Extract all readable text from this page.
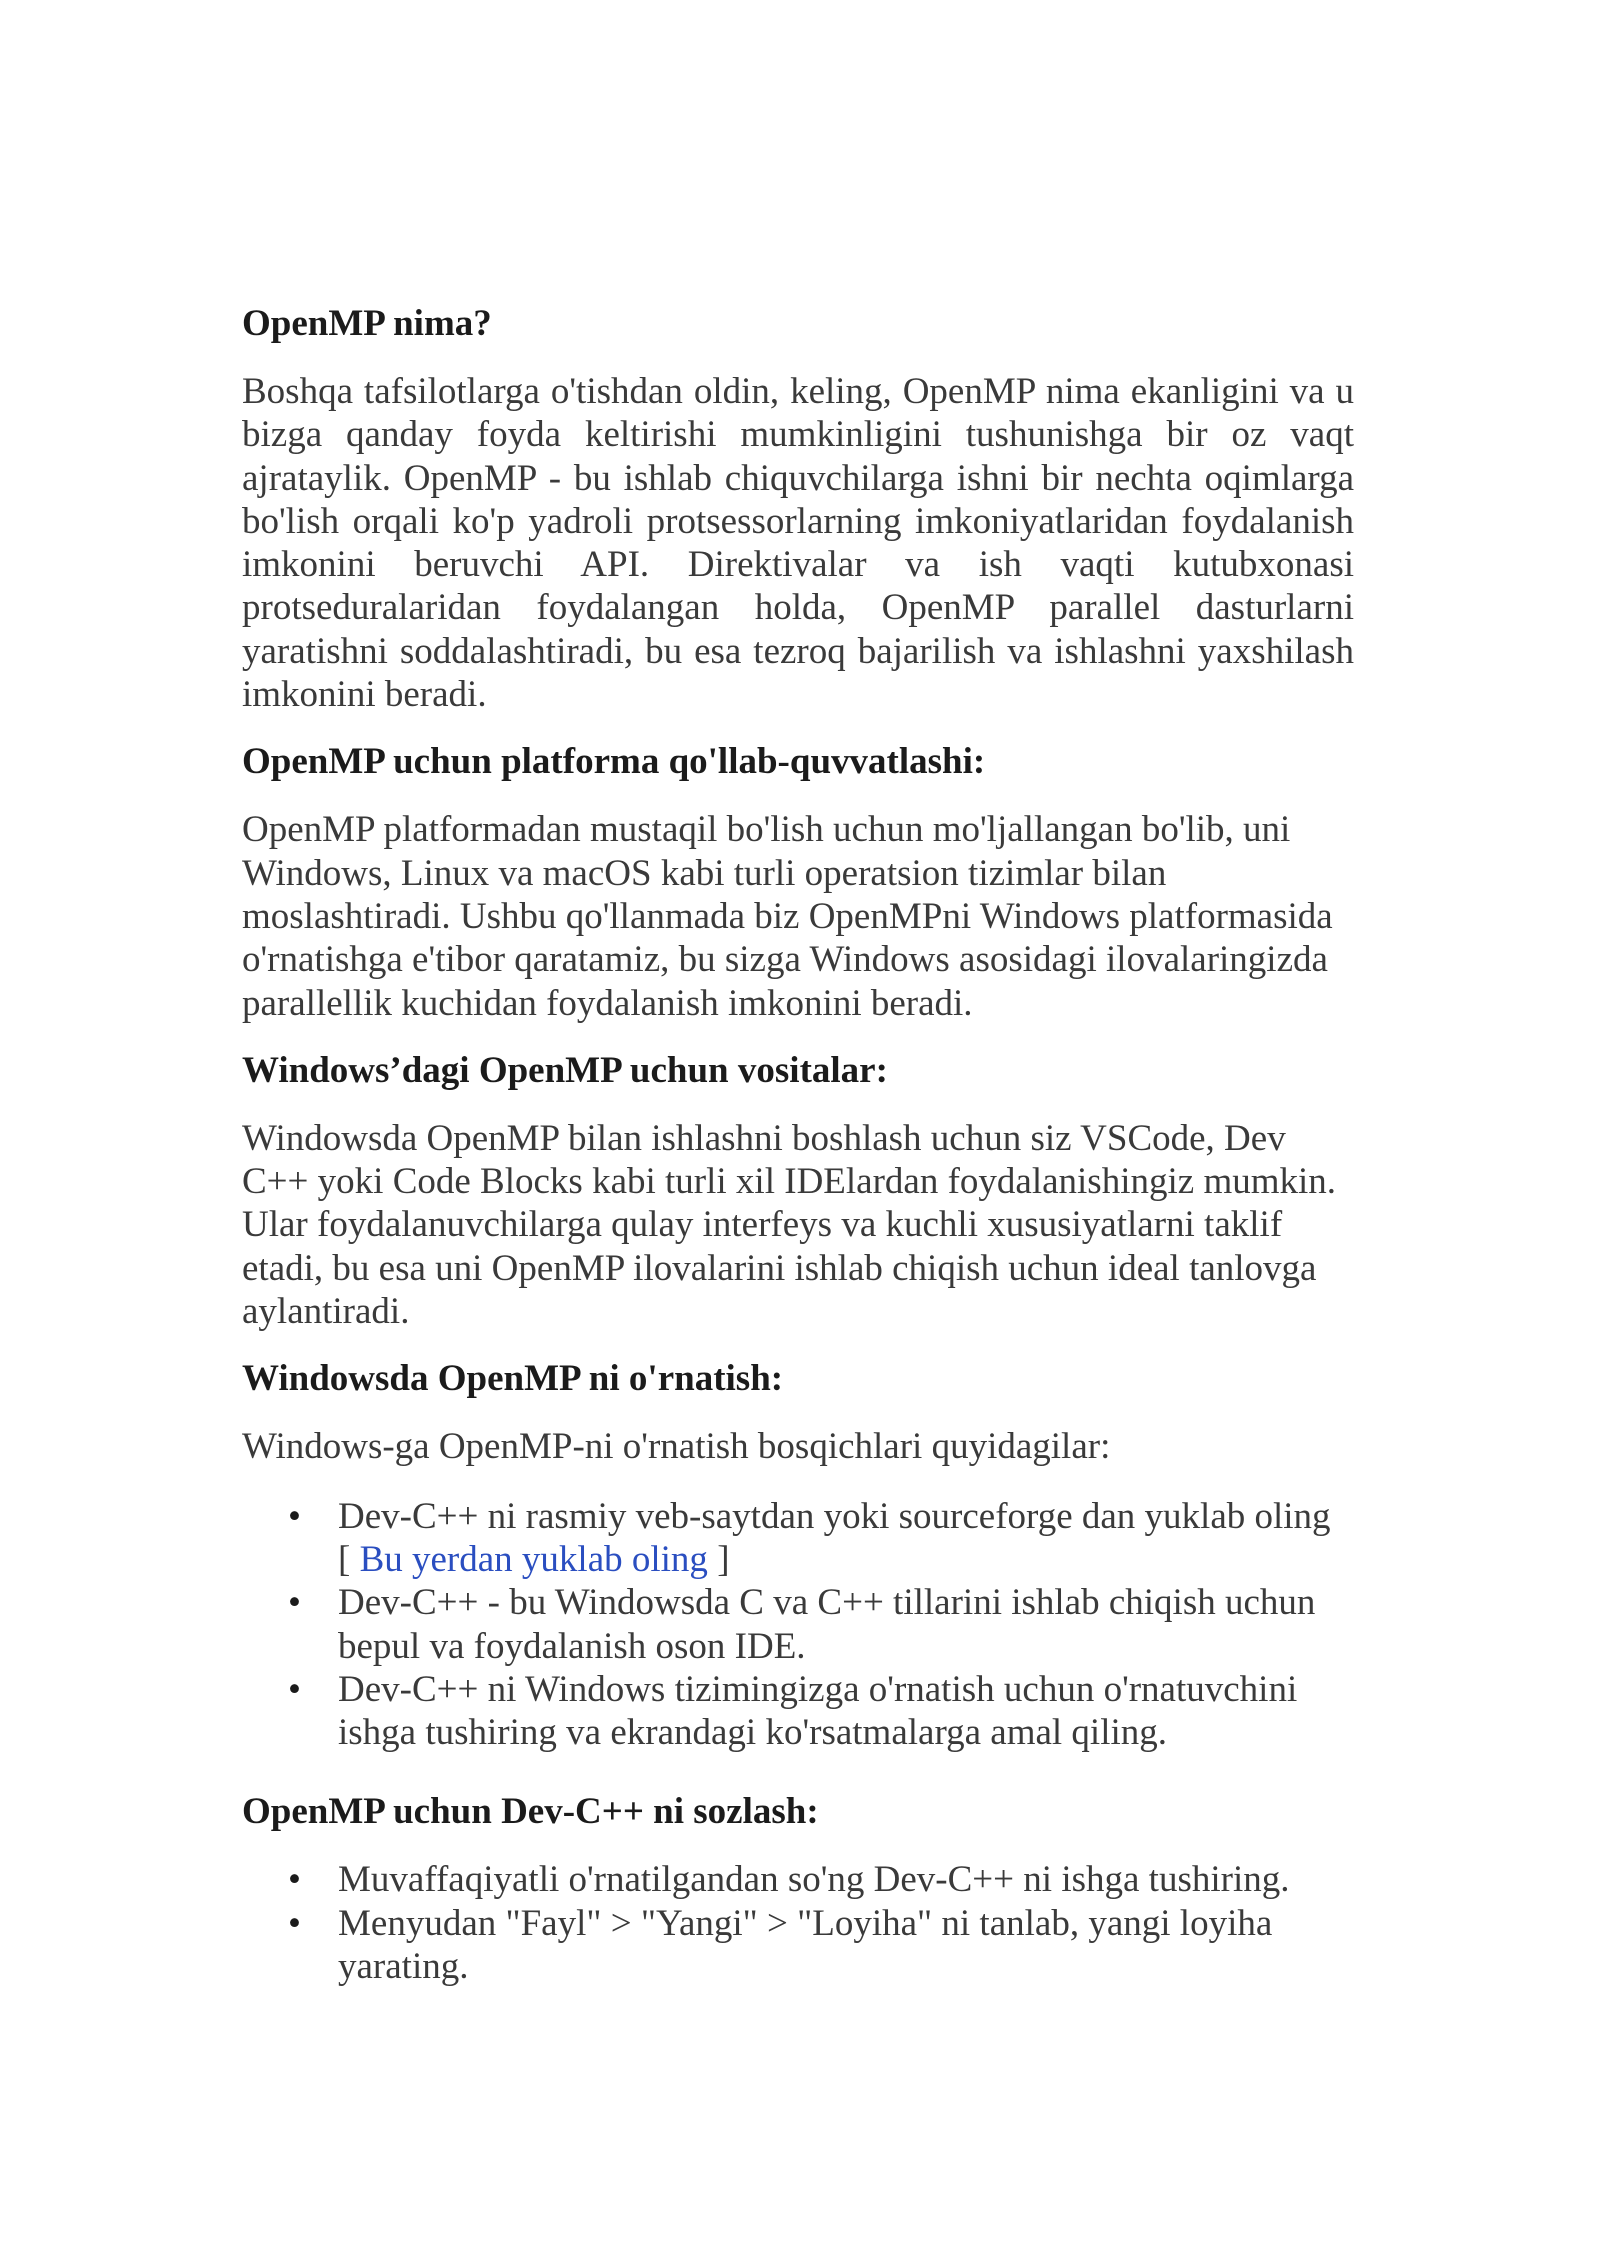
OpenMP nima?

Boshqa tafsilotlarga o'tishdan oldin, keling, OpenMP nima ekanligini va u bizga qanday foyda keltirishi mumkinligini tushunishga bir oz vaqt ajrataylik. OpenMP - bu ishlab chiquvchilarga ishni bir nechta oqimlarga bo'lish orqali ko'p yadroli protsessorlarning imkoniyatlaridan foydalanish imkonini beruvchi API. Direktivalar va ish vaqti kutubxonasi protseduralaridan foydalangan holda, OpenMP parallel dasturlarni yaratishni soddalashtiradi, bu esa tezroq bajarilish va ishlashni yaxshilash imkonini beradi.

OpenMP uchun platforma qo'llab-quvvatlashi:

OpenMP platformadan mustaqil bo'lish uchun mo'ljallangan bo'lib, uni Windows, Linux va macOS kabi turli operatsion tizimlar bilan moslashtiradi. Ushbu qo'llanmada biz OpenMPni Windows platformasida o'rnatishga e'tibor qaratamiz, bu sizga Windows asosidagi ilovalaringizda parallellik kuchidan foydalanish imkonini beradi.

Windows’dagi OpenMP uchun vositalar:

Windowsda OpenMP bilan ishlashni boshlash uchun siz VSCode, Dev C++ yoki Code Blocks kabi turli xil IDElardan foydalanishingiz mumkin. Ular foydalanuvchilarga qulay interfeys va kuchli xususiyatlarni taklif etadi, bu esa uni OpenMP ilovalarini ishlab chiqish uchun ideal tanlovga aylantiradi.

Windowsda OpenMP ni o'rnatish:

Windows-ga OpenMP-ni o'rnatish bosqichlari quyidagilar:

• Dev-C++ ni rasmiy veb-saytdan yoki sourceforge dan yuklab oling
[ Bu yerdan yuklab oling ]
• Dev-C++ - bu Windowsda C va C++ tillarini ishlab chiqish uchun bepul va foydalanish oson IDE.
• Dev-C++ ni Windows tizimingizga o'rnatish uchun o'rnatuvchini ishga tushiring va ekrandagi ko'rsatmalarga amal qiling.
OpenMP uchun Dev-C++ ni sozlash:
• Muvaffaqiyatli o'rnatilgandan so'ng Dev-C++ ni ishga tushiring.
• Menyudan "Fayl" > "Yangi" > "Loyiha" ni tanlab, yangi loyiha yarating.
